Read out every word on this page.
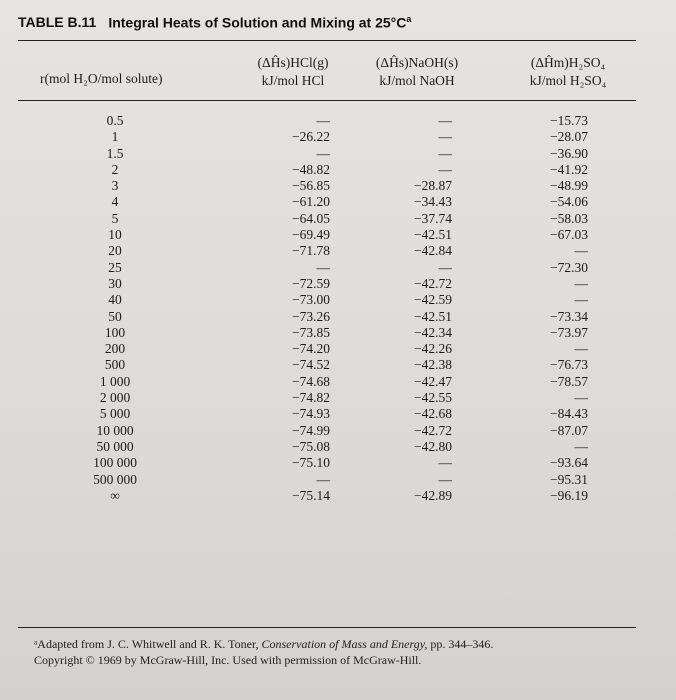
TABLE B.11 Integral Heats of Solution and Mixing at $25^\circ C^a$
r(mol H₂O/mol solute)
(ΔĤs)HCl(g)
kJ/mol HCl
(ΔĤs)NaOH(s)
kJ/mol NaOH
(ΔĤm)H₂SO₄
kJ/mol H₂SO₄
0.5
1
1.5
2
3
4
5
10
20
25
30
40
50
100
200
500
1 000
2 000
5 000
10 000
50 000
100 000
500 000
∞
—
−26.22
—
−48.82
−56.85
−61.20
−64.05
−69.49
−71.78
—
−72.59
−73.00
−73.26
−73.85
−74.20
−74.52
−74.68
−74.82
−74.93
−74.99
−75.08
−75.10
—
−75.14
—
—
—
—
−28.87
−34.43
−37.74
−42.51
−42.84
—
−42.72
−42.59
−42.51
−42.34
−42.26
−42.38
−42.47
−42.55
−42.68
−42.72
−42.80
—
—
−42.89
−15.73
−28.07
−36.90
−41.92
−48.99
−54.06
−58.03
−67.03
—
−72.30
—
—
−73.34
−73.97
—
−76.73
−78.57
—
−84.43
−87.07
—
−93.64
−95.31
−96.19
ᵃAdapted from J. C. Whitwell and R. K. Toner, Conservation of Mass and Energy, pp. 344–346.
Copyright © 1969 by McGraw-Hill, Inc. Used with permission of McGraw-Hill.
